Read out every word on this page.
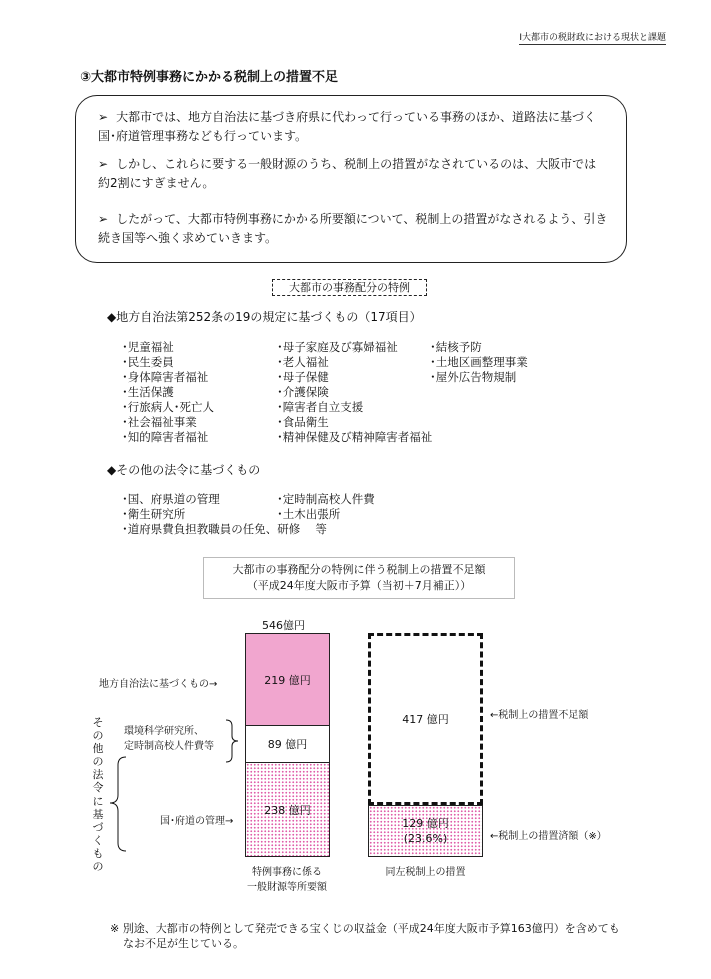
Ⅰ大都市の税財政における現状と課題
③大都市特例事務にかかる税制上の措置不足
➢ 大都市では、地方自治法に基づき府県に代わって行っている事務のほか、道路法に基づく国･府道管理事務なども行っています。
➢ しかし、これらに要する一般財源のうち、税制上の措置がなされているのは、大阪市では約2割にすぎません。
➢ したがって、大都市特例事務にかかる所要額について、税制上の措置がなされるよう、引き続き国等へ強く求めていきます。
大都市の事務配分の特例
◆地方自治法第252条の19の規定に基づくもの（17項目）
･児童福祉
･民生委員
･身体障害者福祉
･生活保護
･行旅病人･死亡人
･社会福祉事業
･知的障害者福祉
･母子家庭及び寡婦福祉
･老人福祉
･母子保健
･介護保険
･障害者自立支援
･食品衛生
･精神保健及び精神障害者福祉
･結核予防
･土地区画整理事業
･屋外広告物規制
◆その他の法令に基づくもの
･国、府県道の管理	･定時制高校人件費
･衛生研究所	･土木出張所
･道府県費負担教職員の任免、研修　 等
大都市の事務配分の特例に伴う税制上の措置不足額
（平成24年度大阪市予算（当初＋7月補正））
546億円
219 億円
89 億円
238 億円
417 億円
129 億円
(23.6%)
地方自治法に基づくもの→
その他の法令に基づくもの
環境科学研究所、
定時制高校人件費等
国･府道の管理→
←税制上の措置不足額
←税制上の措置済額（※）
特例事務に係る
一般財源等所要額
同左税制上の措置
※ 別途、大都市の特例として発売できる宝くじの収益金（平成24年度大阪市予算163億円）を含めても
なお不足が生じている。
